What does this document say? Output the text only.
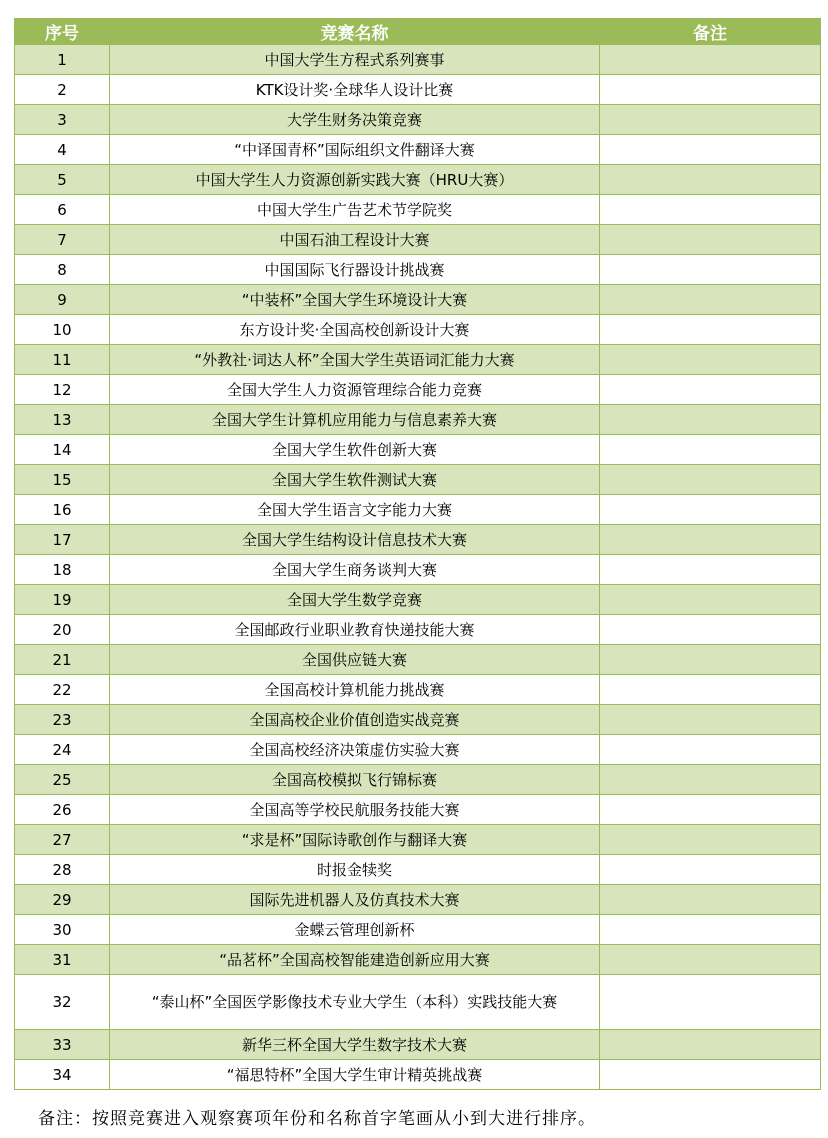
序号	竞赛名称	备注
1	中国大学生方程式系列赛事	
2	KTK设计奖·全球华人设计比赛	
3	大学生财务决策竞赛	
4	“中译国青杯”国际组织文件翻译大赛	
5	中国大学生人力资源创新实践大赛（HRU大赛）	
6	中国大学生广告艺术节学院奖	
7	中国石油工程设计大赛	
8	中国国际飞行器设计挑战赛	
9	“中装杯”全国大学生环境设计大赛	
10	东方设计奖·全国高校创新设计大赛	
11	“外教社·词达人杯”全国大学生英语词汇能力大赛	
12	全国大学生人力资源管理综合能力竞赛	
13	全国大学生计算机应用能力与信息素养大赛	
14	全国大学生软件创新大赛	
15	全国大学生软件测试大赛	
16	全国大学生语言文字能力大赛	
17	全国大学生结构设计信息技术大赛	
18	全国大学生商务谈判大赛	
19	全国大学生数学竞赛	
20	全国邮政行业职业教育快递技能大赛	
21	全国供应链大赛	
22	全国高校计算机能力挑战赛	
23	全国高校企业价值创造实战竞赛	
24	全国高校经济决策虚仿实验大赛	
25	全国高校模拟飞行锦标赛	
26	全国高等学校民航服务技能大赛	
27	“求是杯”国际诗歌创作与翻译大赛	
28	时报金犊奖	
29	国际先进机器人及仿真技术大赛	
30	金蝶云管理创新杯	
31	“品茗杯”全国高校智能建造创新应用大赛	
32	“泰山杯”全国医学影像技术专业大学生（本科）实践技能大赛	
33	新华三杯全国大学生数字技术大赛	
34	“福思特杯”全国大学生审计精英挑战赛	
备注：按照竞赛进入观察赛项年份和名称首字笔画从小到大进行排序。
